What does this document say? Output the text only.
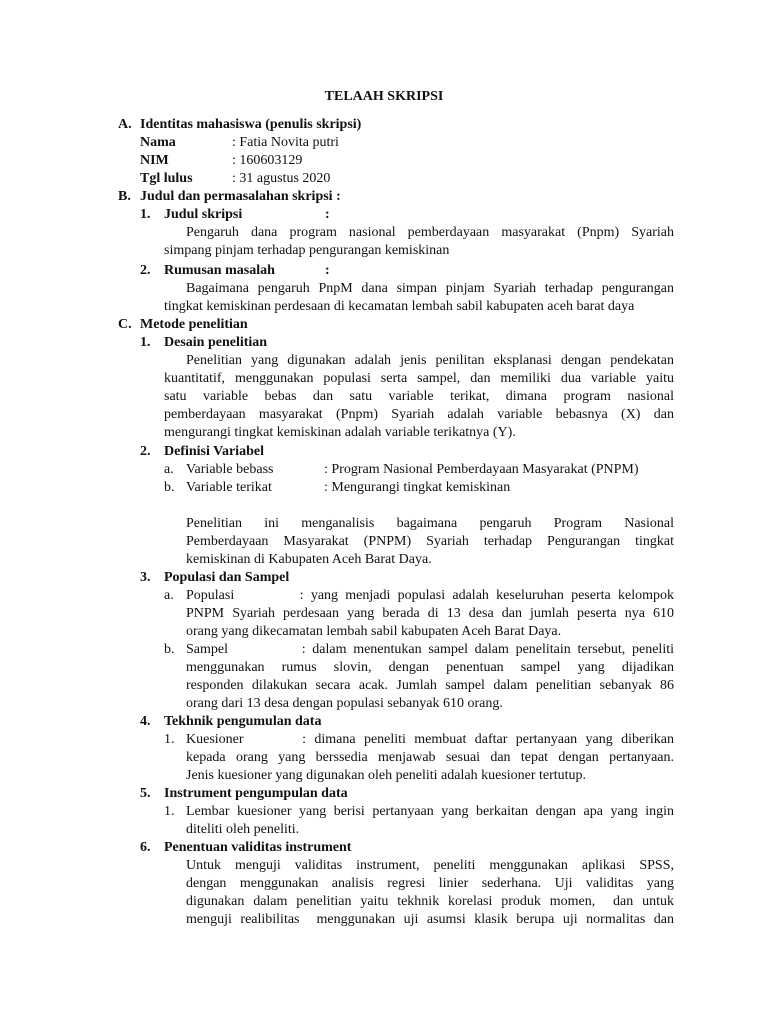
TELAAH SKRIPSI
A. Identitas mahasiswa (penulis skripsi)
Nama	: Fatia Novita putri
NIM	: 160603129
Tgl lulus	: 31 agustus 2020
B. Judul dan permasalahan skripsi :
1. Judul skripsi	:
Pengaruh dana program nasional pemberdayaan masyarakat (Pnpm) Syariah
simpang pinjam terhadap pengurangan kemiskinan
2. Rumusan masalah	:
Bagaimana pengaruh PnpM dana simpan pinjam Syariah terhadap pengurangan
tingkat kemiskinan perdesaan di kecamatan lembah sabil kabupaten aceh barat daya
C. Metode penelitian
1. Desain penelitian
Penelitian yang digunakan adalah jenis penilitan eksplanasi dengan pendekatan
kuantitatif, menggunakan populasi serta sampel, dan memiliki dua variable yaitu
satu variable bebas dan satu variable terikat, dimana program nasional
pemberdayaan masyarakat (Pnpm) Syariah adalah variable bebasnya (X) dan
mengurangi tingkat kemiskinan adalah variable terikatnya (Y).
2. Definisi Variabel
a. Variable bebass	: Program Nasional Pemberdayaan Masyarakat (PNPM)
b. Variable terikat	: Mengurangi tingkat kemiskinan
Penelitian ini menganalisis bagaimana pengaruh Program Nasional
Pemberdayaan Masyarakat (PNPM) Syariah terhadap Pengurangan tingkat
kemiskinan di Kabupaten Aceh Barat Daya.
3. Populasi dan Sampel
a. Populasi         : yang menjadi populasi adalah keseluruhan peserta kelompok
PNPM Syariah perdesaan yang berada di 13 desa dan jumlah peserta nya 610
orang yang dikecamatan lembah sabil kabupaten Aceh Barat Daya.
b. Sampel           : dalam menentukan sampel dalam penelitain tersebut, peneliti
menggunakan rumus slovin, dengan penentuan sampel yang dijadikan
responden dilakukan secara acak. Jumlah sampel dalam penelitian sebanyak 86
orang dari 13 desa dengan populasi sebanyak 610 orang.
4. Tekhnik pengumulan data
1. Kuesioner       : dimana peneliti membuat daftar pertanyaan yang diberikan
kepada orang yang berssedia menjawab sesuai dan tepat dengan pertanyaan.
Jenis kuesioner yang digunakan oleh peneliti adalah kuesioner tertutup.
5. Instrument pengumpulan data
1. Lembar kuesioner yang berisi pertanyaan yang berkaitan dengan apa yang ingin
diteliti oleh peneliti.
6. Penentuan validitas instrument
Untuk menguji validitas instrument, peneliti menggunakan aplikasi SPSS,
dengan menggunakan analisis regresi linier sederhana. Uji validitas yang
digunakan dalam penelitian yaitu tekhnik korelasi produk momen,  dan untuk
menguji realibilitas  menggunakan uji asumsi klasik berupa uji normalitas dan
